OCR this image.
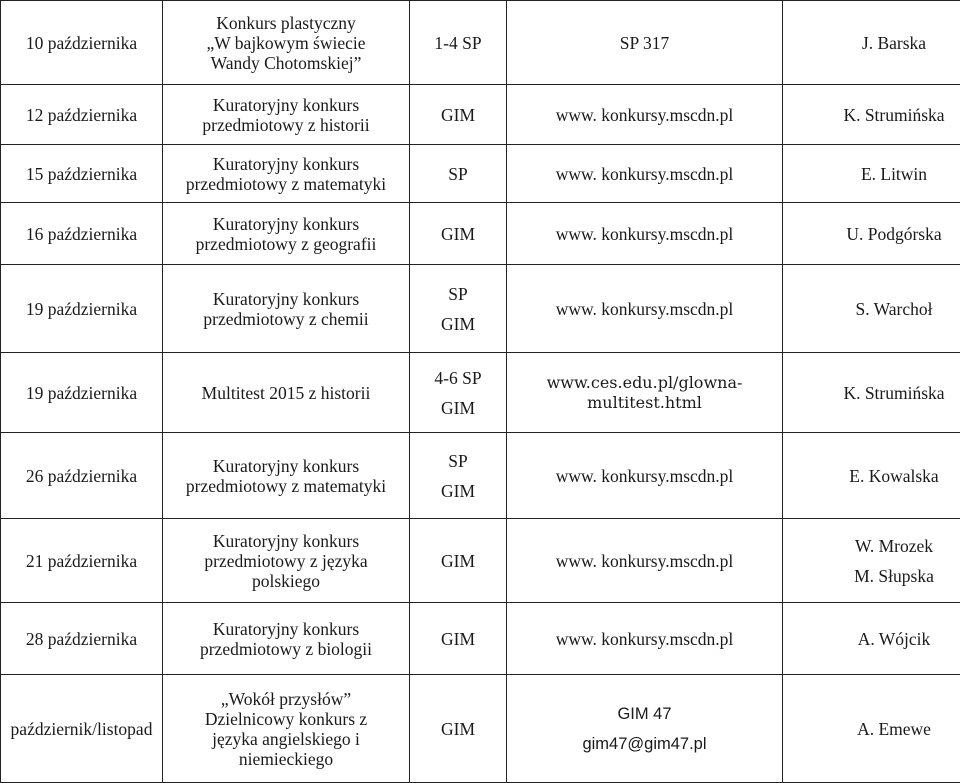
10 października	Konkurs plastyczny
„W bajkowym świecie
Wandy Chotomskiej”	1-4 SP	SP 317	J. Barska

12 października	Kuratoryjny konkurs
przedmiotowy z historii	GIM	www. konkursy.mscdn.pl	K. Strumińska

15 października	Kuratoryjny konkurs
przedmiotowy z matematyki	SP	www. konkursy.mscdn.pl	E. Litwin

16 października	Kuratoryjny konkurs
przedmiotowy z geografii	GIM	www. konkursy.mscdn.pl	U. Podgórska

19 października	Kuratoryjny konkurs
przedmiotowy z chemii	SP
GIM	www. konkursy.mscdn.pl	S. Warchoł

19 października	Multitest 2015 z historii	4-6 SP
GIM	www.ces.edu.pl/glowna-
multitest.html	K. Strumińska

26 października	Kuratoryjny konkurs
przedmiotowy z matematyki	SP
GIM	www. konkursy.mscdn.pl	E. Kowalska

21 października	Kuratoryjny konkurs
przedmiotowy z języka
polskiego	GIM	www. konkursy.mscdn.pl	W. Mrozek
M. Słupska

28 października	Kuratoryjny konkurs
przedmiotowy z biologii	GIM	www. konkursy.mscdn.pl	A. Wójcik

październik/listopad	„Wokół przysłów”
Dzielnicowy konkurs z
języka angielskiego i
niemieckiego	GIM	GIM 47
gim47@gim47.pl	A. Emewe
